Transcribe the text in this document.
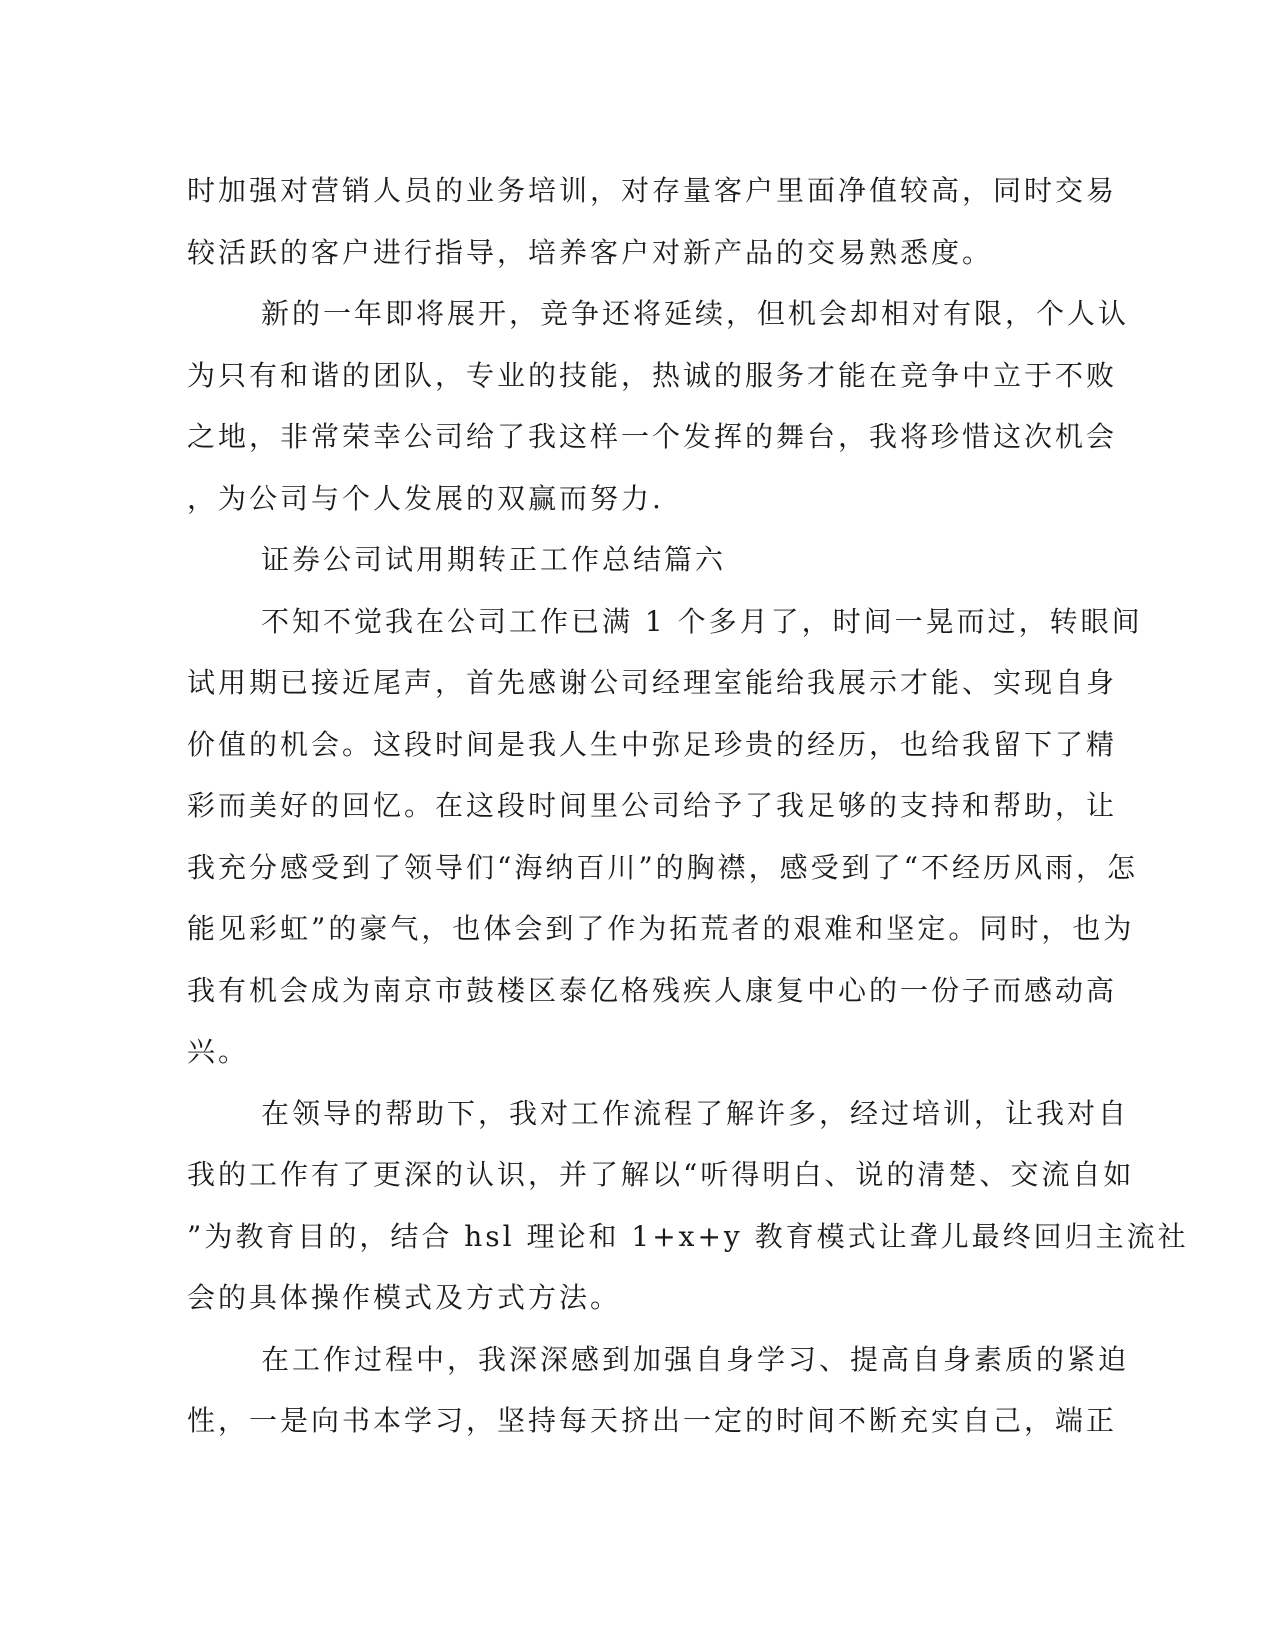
时加强对营销人员的业务培训，对存量客户里面净值较高，同时交易
较活跃的客户进行指导，培养客户对新产品的交易熟悉度。
新的一年即将展开，竞争还将延续，但机会却相对有限，个人认
为只有和谐的团队，专业的技能，热诚的服务才能在竞争中立于不败
之地，非常荣幸公司给了我这样一个发挥的舞台，我将珍惜这次机会
，为公司与个人发展的双赢而努力.
证券公司试用期转正工作总结篇六
不知不觉我在公司工作已满 1 个多月了，时间一晃而过，转眼间
试用期已接近尾声，首先感谢公司经理室能给我展示才能、实现自身
价值的机会。这段时间是我人生中弥足珍贵的经历，也给我留下了精
彩而美好的回忆。在这段时间里公司给予了我足够的支持和帮助，让
我充分感受到了领导们“海纳百川”的胸襟，感受到了“不经历风雨，怎
能见彩虹”的豪气，也体会到了作为拓荒者的艰难和坚定。同时，也为
我有机会成为南京市鼓楼区泰亿格残疾人康复中心的一份子而感动高
兴。
在领导的帮助下，我对工作流程了解许多，经过培训，让我对自
我的工作有了更深的认识，并了解以“听得明白、说的清楚、交流自如
”为教育目的，结合 hsl 理论和 1+x+y 教育模式让聋儿最终回归主流社
会的具体操作模式及方式方法。
在工作过程中，我深深感到加强自身学习、提高自身素质的紧迫
性，一是向书本学习，坚持每天挤出一定的时间不断充实自己，端正
